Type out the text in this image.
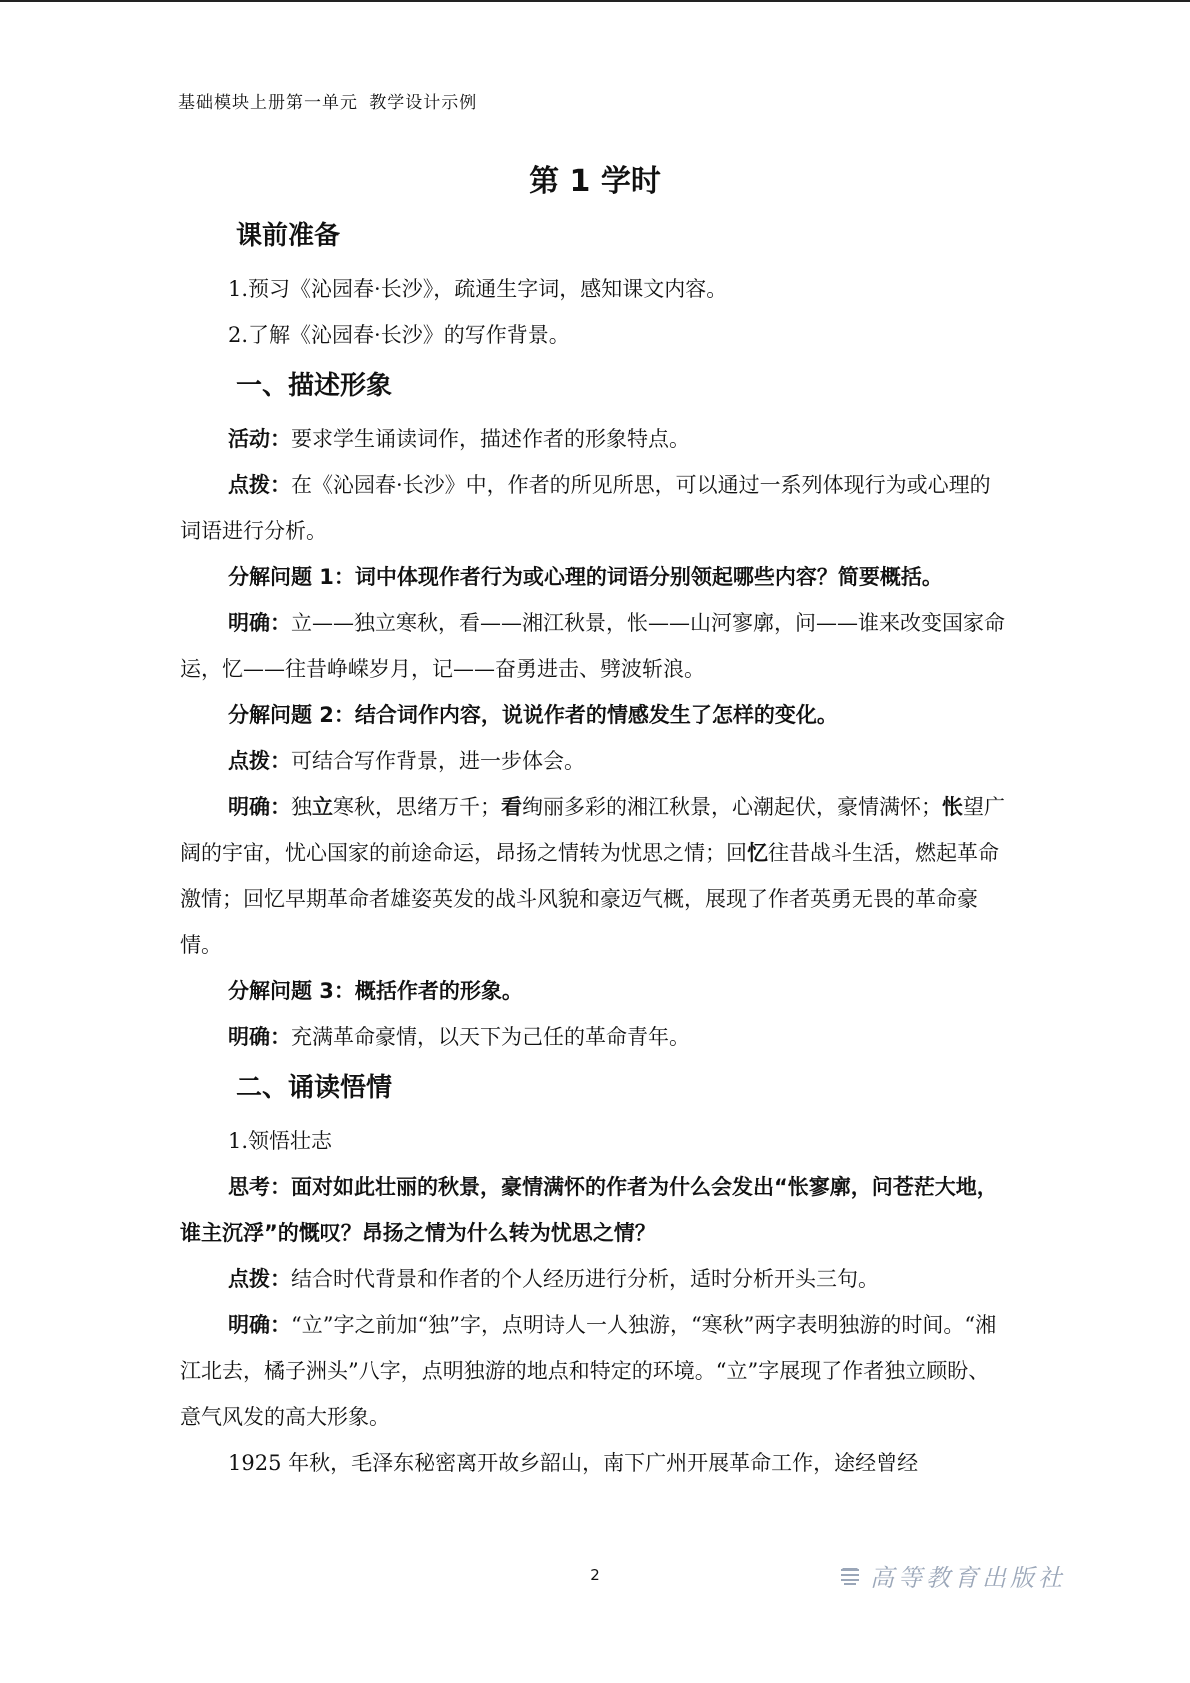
基础模块上册第一单元 教学设计示例
第 1 学时
课前准备

1.预习《沁园春·长沙》，疏通生字词，感知课文内容。

2.了解《沁园春·长沙》的写作背景。

一、描述形象

活动：要求学生诵读词作，描述作者的形象特点。

点拨：在《沁园春·长沙》中，作者的所见所思，可以通过一系列体现行为或心理的词语进行分析。

分解问题 1：词中体现作者行为或心理的词语分别领起哪些内容？简要概括。

明确：立——独立寒秋，看——湘江秋景，怅——山河寥廓，问——谁来改变国家命运，忆——往昔峥嵘岁月，记——奋勇进击、劈波斩浪。

分解问题 2：结合词作内容，说说作者的情感发生了怎样的变化。

点拨：可结合写作背景，进一步体会。

明确：独立寒秋，思绪万千；看绚丽多彩的湘江秋景，心潮起伏，豪情满怀；怅望广阔的宇宙，忧心国家的前途命运，昂扬之情转为忧思之情；回忆往昔战斗生活，燃起革命激情；回忆早期革命者雄姿英发的战斗风貌和豪迈气概，展现了作者英勇无畏的革命豪情。

分解问题 3：概括作者的形象。

明确：充满革命豪情，以天下为己任的革命青年。

二、诵读悟情

1.领悟壮志

思考：面对如此壮丽的秋景，豪情满怀的作者为什么会发出“怅寥廓，问苍茫大地，谁主沉浮”的慨叹？昂扬之情为什么转为忧思之情？

点拨：结合时代背景和作者的个人经历进行分析，适时分析开头三句。

明确：“立”字之前加“独”字，点明诗人一人独游，“寒秋”两字表明独游的时间。“湘江北去，橘子洲头”八字，点明独游的地点和特定的环境。“立”字展现了作者独立顾盼、意气风发的高大形象。

1925 年秋，毛泽东秘密离开故乡韶山，南下广州开展革命工作，途经曾经

2	高等教育出版社
